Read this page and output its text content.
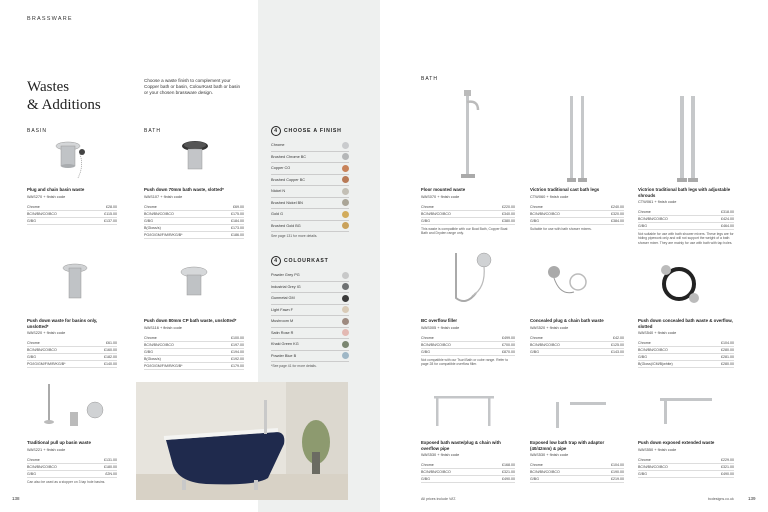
BRASSWARE
Wastes
& Additions
Choose a waste finish to complement your Copper bath or basin, ColourKast bath or basin or your chosen brassware design.
BASIN	BATH
BATH
4	CHOOSE A FINISH
Chrome
Brushed Chrome BC
Copper CO
Brushed Copper BC
Nickel N
Brushed Nickel BN
Gold G
Brushed Gold BG
See page 131 for more details.
4	COLOURKAST
Powder Grey PG
Industrial Grey IG
Gunmetal GM
Light Fawn F
Mushroom M
Satin Rose R
Khaki Green KG
Powder Blue B
*See page 41 for more details.
Plug and chain basin waste
WAS270 + finish code
Chrome	£28.00
BC/N/BN/CO/BCO	£115.00
G/BG	£137.00
Push down 70mm bath waste, slotted*
WAS107 + finish code
Chrome	£69.00
BC/N/BN/CO/BCO	£175.00
G/BG	£184.00
B(Gloss/s)	£173.00
PG/IG/GM/F/M/R/KG/B*	£186.00
Floor mounted waste
WAS070 + finish code
Chrome	£220.00
BC/N/BN/CO/BCO	£340.00
G/BG	£380.00
This waste is compatible with our Boat Bath, Copper Boat Bath and Dryden range only.
Victrion traditional cast bath legs
CTW060 + finish code
Chrome	£240.00
BC/N/BN/CO/BCO	£320.00
G/BG	£384.00
Suitable for use with bath shower mixers.
Victrion traditional bath legs with adjustable shrouds
CTW061 + finish code
Chrome	£318.00
BC/N/BN/CO/BCO	£424.00
G/BG	£464.00
Not suitable for use with bath shower mixers. These legs are for hiding pipework only and will not support the weight of a bath shower mixer. They are mainly for use with bath with tap holes.
Push down waste for basins only, unslotted*
WAS220 + finish code
Chrome	£61.00
BC/N/BN/CO/BCO	£160.00
G/BG	£182.00
PG/IG/GM/F/M/R/KG/B*	£140.00
Push down 80mm CP bath waste, unslotted*
WAS116 + finish code
Chrome	£100.00
BC/N/BN/CO/BCO	£197.00
G/BG	£194.00
B(Gloss/s)	£192.00
PG/IG/GM/F/M/R/KG/B*	£179.00
BC overflow filler
WAS005 + finish code
Chrome	£499.00
BC/N/BN/CO/BCO	£700.00
G/BG	£870.00
Not compatible with our Tsuri Bath or cube range. Refer to page 28 for compatible overflow filler.
Concealed plug & chain bath waste
WAS520 + finish code
Chrome	£42.00
BC/N/BN/CO/BCO	£125.00
G/BG	£143.00
Push down concealed bath waste & overflow, slotted
WAS540 + finish code
Chrome	£104.00
BC/N/BN/CO/BCO	£280.00
G/BG	£281.00
B(Gloss)/CM/B(white)	£280.00
Traditional pull up basin waste
WAS221 + finish code
Chrome	£131.00
BC/N/BN/CO/BCO	£180.00
G/BG	£2N.00
Can also be used as a stopper on 3 tap hole basins.
Exposed bath waste/plug & chain with overflow pipe
WAS530 + finish code
Chrome	£168.00
BC/N/BN/CO/BCO	£321.00
G/BG	£490.00
Exposed low bath trap with adaptor (40/42mm) & pipe
WAS530 + finish code
Chrome	£104.00
BC/N/BN/CO/BCO	£190.00
G/BG	£219.00
Push down exposed extended waste
WAS550 + finish code
Chrome	£229.00
BC/N/BN/CO/BCO	£321.00
G/BG	£490.00
138	All prices include VAT.	bcdesigns.co.uk	139
